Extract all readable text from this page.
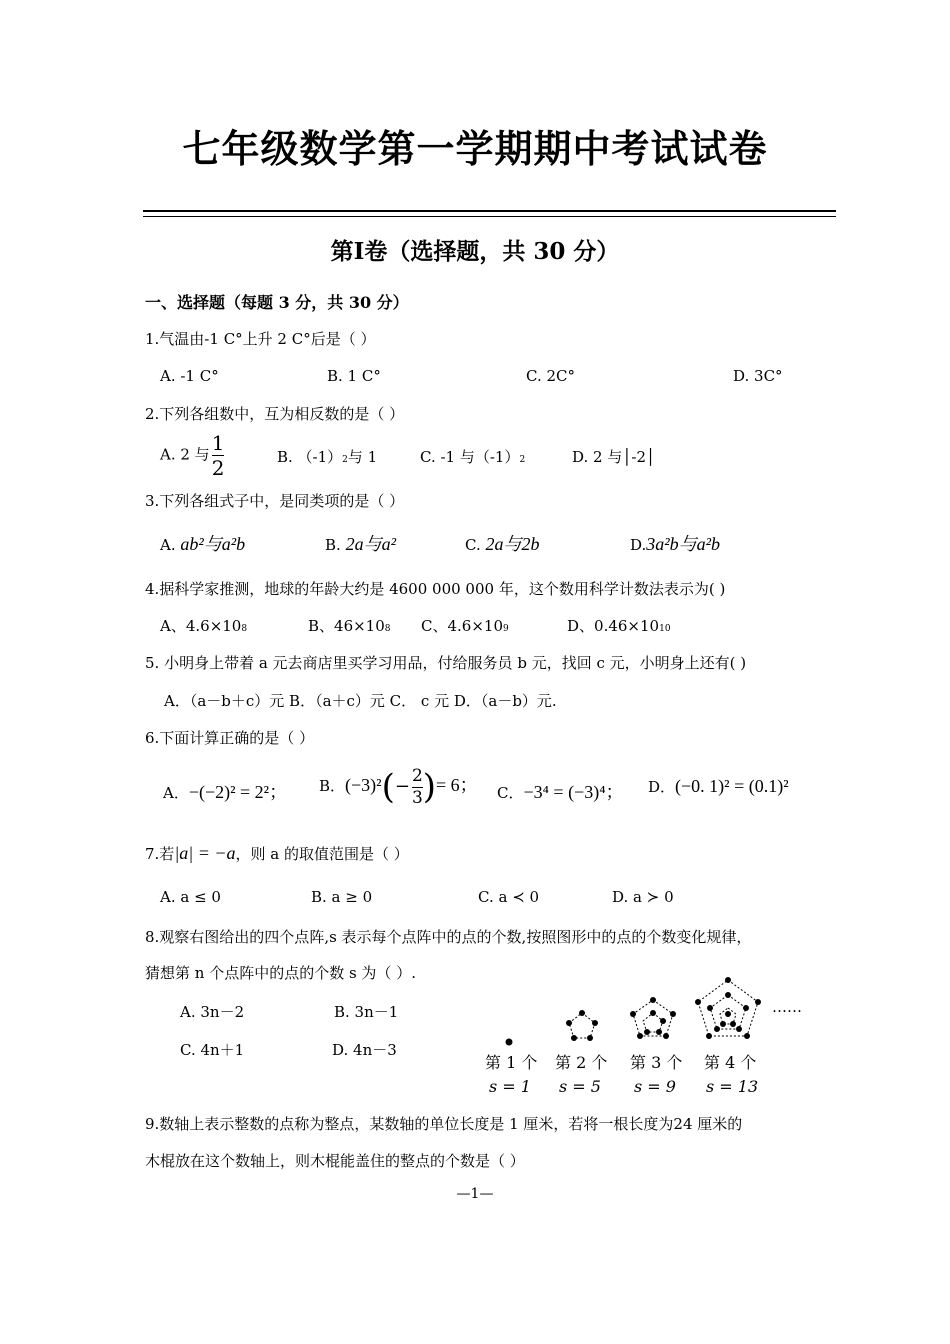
七年级数学第一学期期中考试试卷
第Ⅰ卷（选择题，共 30 分）
一、选择题（每题 3 分，共 30 分）
1.气温由-1 C°上升 2 C°后是（ ）
A. -1 C°	B. 1 C°	C. 2C°	D. 3C°
2.下列各组数中，互为相反数的是（ ）
A. 2 与 $\frac{1}{2}$	B. （-1）2与 1	C. -1 与（-1）2	D. 2 与│-2│
3.下列各组式子中，是同类项的是（ ）
A. ab²与a²b	B. 2a与a²	C. 2a与2b	D.3a²b与a²b
4.据科学家推测，地球的年龄大约是 4600 000 000 年，这个数用科学计数法表示为( )
A、4.6×108	B、46×108 C、4.6×109	D、0.46×1010
5. 小明身上带着 a 元去商店里买学习用品，付给服务员 b 元，找回 c 元，小明身上还有( )
A．（a－b＋c）元 B．（a＋c）元 C． c 元 D．（a－b）元.
6.下面计算正确的是（ ）
A．−(−2)² = 2²； B．$(-3)^2(- \frac{2}{3}$ )= 6； C．−3⁴ = (−3)⁴； D．(−0. 1)² = (0.1)²
7.若|a| = −a，则 a 的取值范围是（ ）
A. a ≤ 0	B. a ≥ 0	C. a ≺ 0	D. a ≻ 0
8.观察右图给出的四个点阵,s 表示每个点阵中的点的个数,按照图形中的点的个数变化规律，
猜想第 n 个点阵中的点的个数 s 为（ ）.
A. 3n－2	B. 3n－1
C. 4n＋1	D. 4n－3
……
第 1 个 第 2 个 第 3 个 第 4 个
s = 1 s = 5 s = 9 s = 13
9.数轴上表示整数的点称为整点，某数轴的单位长度是 1 厘米，若将一根长度为24 厘米的
木棍放在这个数轴上，则木棍能盖住的整点的个数是（ ）
—1—
